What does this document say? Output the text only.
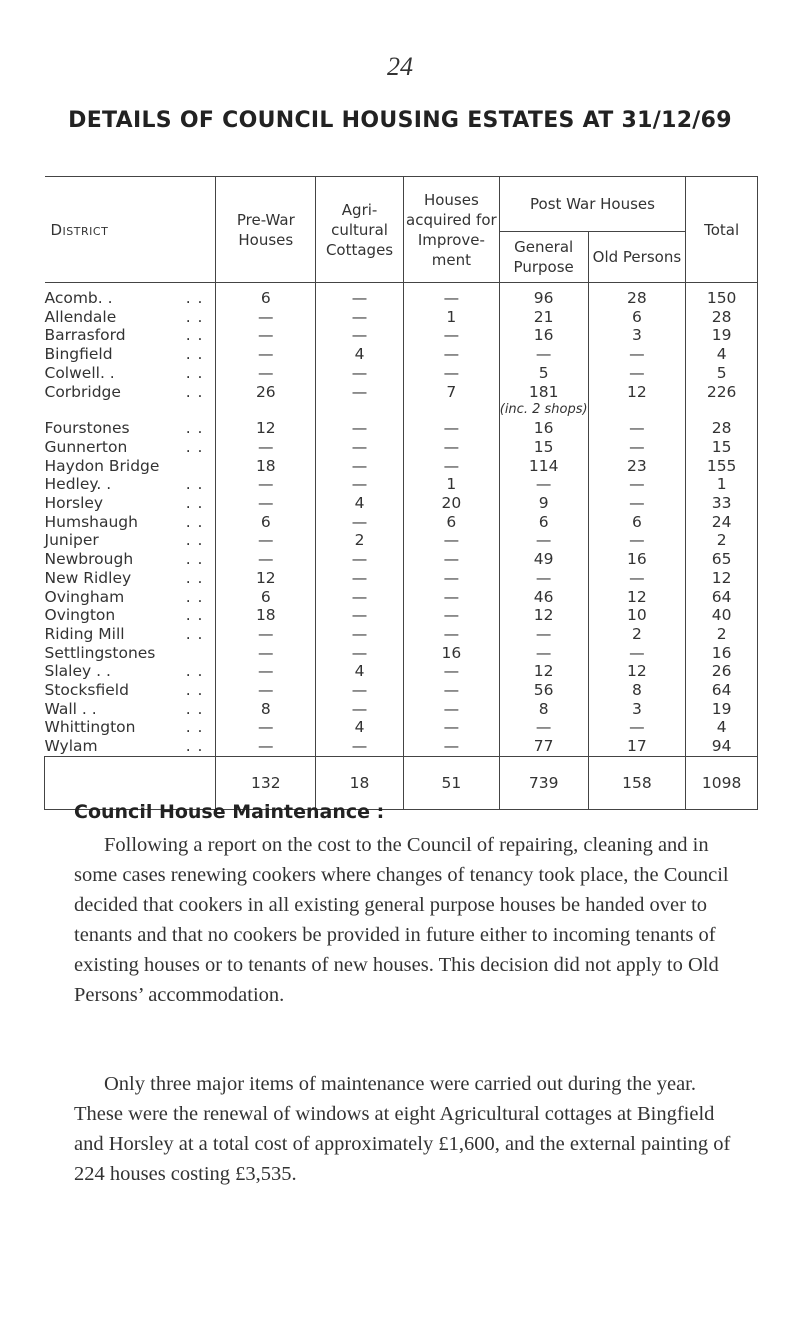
24
DETAILS OF COUNCIL HOUSING ESTATES AT 31/12/69
District	Pre-War Houses	Agri- cultural Cottages	Houses acquired for Improve- ment	Post War Houses		Total
				General Purpose	Old Persons	
Acomb. . . .	6	—	—	96	28	150
Allendale . .	—	—	1	21	6	28
Barrasford . .	—	—	—	16	3	19
Bingfield . .	—	4	—	—	—	4
Colwell. . . .	—	—	—	5	—	5
Corbridge . .	26	—	7	181	12	226
				(inc. 2 shops)		
Fourstones . .	12	—	—	16	—	28
Gunnerton . .	—	—	—	15	—	15
Haydon Bridge	18	—	—	114	23	155
Hedley. . . .	—	—	1	—	—	1
Horsley . .	—	4	20	9	—	33
Humshaugh . .	6	—	6	6	6	24
Juniper . .	—	2	—	—	—	2
Newbrough . .	—	—	—	49	16	65
New Ridley . .	12	—	—	—	—	12
Ovingham . .	6	—	—	46	12	64
Ovington . .	18	—	—	12	10	40
Riding Mill . .	—	—	—	—	2	2
Settlingstones	—	—	16	—	—	16
Slaley . . . .	—	4	—	12	12	26
Stocksfield . .	—	—	—	56	8	64
Wall . . . .	8	—	—	8	3	19
Whittington . .	—	4	—	—	—	4
Wylam . .	—	—	—	77	17	94
	132	18	51	739	158	1098
Council House Maintenance :

Following a report on the cost to the Council of repairing, cleaning and in some cases renewing cookers where changes of tenancy took place, the Council decided that cookers in all existing general purpose houses be handed over to tenants and that no cookers be provided in future either to incoming tenants of existing houses or to tenants of new houses. This decision did not apply to Old Persons’ accommodation.

Only three major items of maintenance were carried out during the year. These were the renewal of windows at eight Agricultural cottages at Bingfield and Horsley at a total cost of approximately £1,600, and the external painting of 224 houses costing £3,535.
